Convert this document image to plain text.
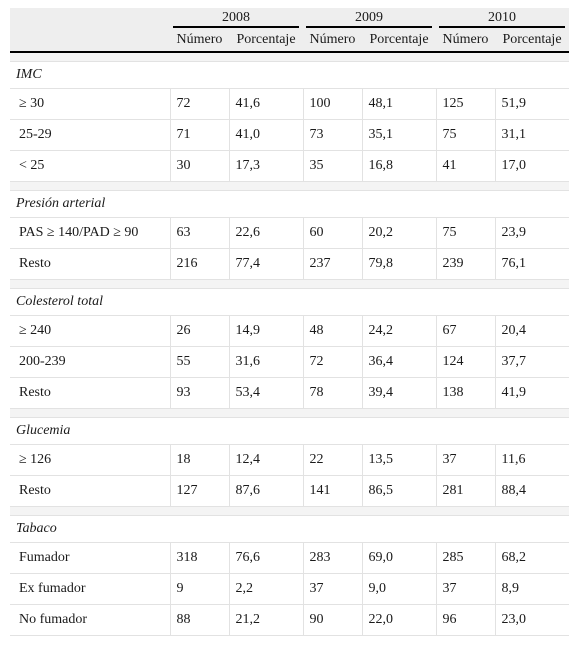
	2008		2009		2010	

	Número	Porcentaje	Número	Porcentaje	Número	Porcentaje

IMC						
≥ 30	72	41,6	100	48,1	125	51,9
25-29	71	41,0	73	35,1	75	31,1
< 25	30	17,3	35	16,8	41	17,0

Presión arterial						
PAS ≥ 140/PAD ≥ 90	63	22,6	60	20,2	75	23,9
Resto	216	77,4	237	79,8	239	76,1

Colesterol total						
≥ 240	26	14,9	48	24,2	67	20,4
200-239	55	31,6	72	36,4	124	37,7
Resto	93	53,4	78	39,4	138	41,9

Glucemia						
≥ 126	18	12,4	22	13,5	37	11,6
Resto	127	87,6	141	86,5	281	88,4

Tabaco						
Fumador	318	76,6	283	69,0	285	68,2
Ex fumador	9	2,2	37	9,0	37	8,9
No fumador	88	21,2	90	22,0	96	23,0
